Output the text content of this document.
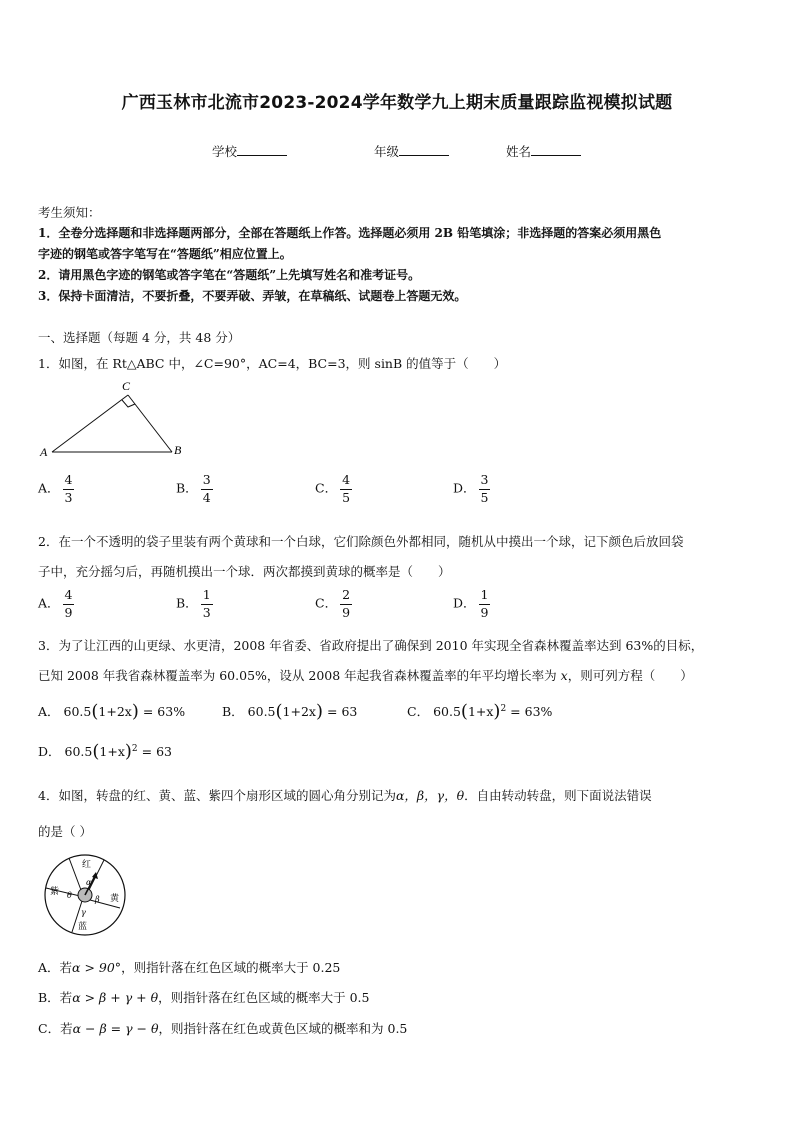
广西玉林市北流市2023-2024学年数学九上期末质量跟踪监视模拟试题
学校	年级	姓名
考生须知：
1．全卷分选择题和非选择题两部分，全部在答题纸上作答。选择题必须用 2B 铅笔填涂；非选择题的答案必须用黑色
字迹的钢笔或答字笔写在“答题纸”相应位置上。
2．请用黑色字迹的钢笔或答字笔在“答题纸”上先填写姓名和准考证号。
3．保持卡面清洁，不要折叠，不要弄破、弄皱，在草稿纸、试题卷上答题无效。
一、选择题（每题 4 分，共 48 分）
1．如图，在 Rt△ABC 中，∠C=90°，AC=4，BC=3，则 sinB 的值等于（　　）
A	B
C
A． $\frac{4}{3}$	B． $\frac{3}{4}$	C． $\frac{4}{5}$	D． $\frac{3}{5}$
2．在一个不透明的袋子里装有两个黄球和一个白球，它们除颜色外都相同，随机从中摸出一个球，记下颜色后放回袋
子中，充分摇匀后，再随机摸出一个球．两次都摸到黄球的概率是（　　）
A． $\frac{4}{9}$	B． $\frac{1}{3}$	C． $\frac{2}{9}$	D． $\frac{1}{9}$
3．为了让江西的山更绿、水更清，2008 年省委、省政府提出了确保到 2010 年实现全省森林覆盖率达到 63%的目标，
已知 2008 年我省森林覆盖率为 60.05%，设从 2008 年起我省森林覆盖率的年平均增长率为 x，则可列方程（　　）
A． 60.5(1+2x) = 63%	B． 60.5(1+2x) = 63	C． $60.5(1+x)^2 = 63\%$
D． $60.5(1+x)^2 = 63$
4．如图，转盘的红、黄、蓝、紫四个扇形区域的圆心角分别记为α，β，γ，θ．自由转动转盘，则下面说法错误
的是（ ）
红
黄
蓝
紫
α
β
γ
θ
A．若α > 90°，则指针落在红色区域的概率大于 0.25
B．若α > β + γ + θ，则指针落在红色区域的概率大于 0.5
C．若α − β = γ − θ，则指针落在红色或黄色区域的概率和为 0.5
